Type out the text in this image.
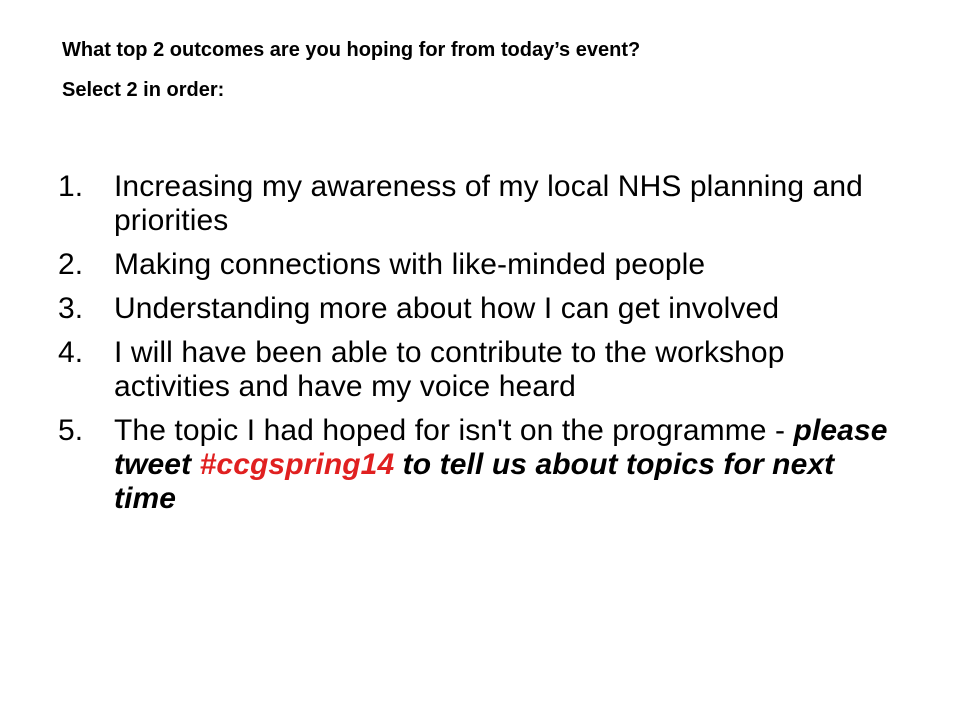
What top 2 outcomes are you hoping for from today’s event?
Select 2 in order:
1.	Increasing my awareness of my local NHS planning and priorities
2.	Making connections with like-minded people
3.	Understanding more about how I can get involved
4.	I will have been able to contribute to the workshop activities and have my voice heard
5.	The topic I had hoped for isn't on the programme - please tweet #ccgspring14 to tell us about topics for next time
